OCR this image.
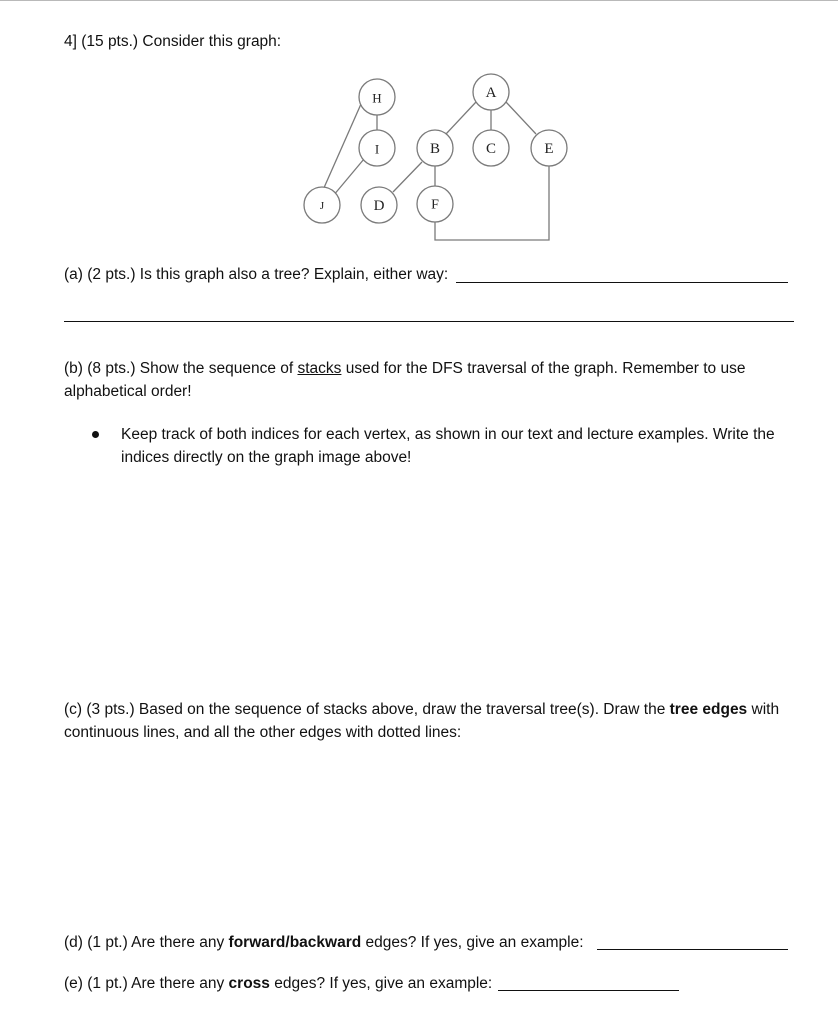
4] (15 pts.) Consider this graph:
H	A
I	B	C	E
J	D	F
(a) (2 pts.) Is this graph also a tree? Explain, either way:
(b) (8 pts.) Show the sequence of stacks used for the DFS traversal of the graph. Remember to use alphabetical order!
Keep track of both indices for each vertex, as shown in our text and lecture examples. Write the indices directly on the graph image above!
(c) (3 pts.) Based on the sequence of stacks above, draw the traversal tree(s). Draw the tree edges with continuous lines, and all the other edges with dotted lines:
(d) (1 pt.) Are there any forward/backward edges? If yes, give an example:
(e) (1 pt.) Are there any cross edges? If yes, give an example:
